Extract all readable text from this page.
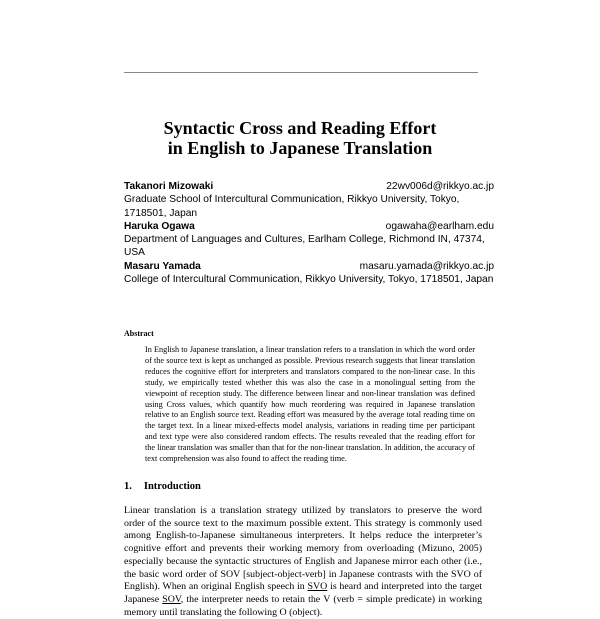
Syntactic Cross and Reading Effort
in English to Japanese Translation
Takanori Mizowaki	22wv006d@rikkyo.ac.jp
Graduate School of Intercultural Communication, Rikkyo University, Tokyo, 1718501, Japan
Haruka Ogawa	ogawaha@earlham.edu
Department of Languages and Cultures, Earlham College, Richmond IN, 47374, USA
Masaru Yamada	masaru.yamada@rikkyo.ac.jp
College of Intercultural Communication, Rikkyo University, Tokyo, 1718501, Japan
Abstract
In English to Japanese translation, a linear translation refers to a translation in which the word order of the source text is kept as unchanged as possible. Previous research suggests that linear translation reduces the cognitive effort for interpreters and translators compared to the non-linear case. In this study, we empirically tested whether this was also the case in a monolingual setting from the viewpoint of reception study. The difference between linear and non-linear translation was defined using Cross values, which quantify how much reordering was required in Japanese translation relative to an English source text. Reading effort was measured by the average total reading time on the target text. In a linear mixed-effects model analysis, variations in reading time per participant and text type were also considered random effects. The results revealed that the reading effort for the linear translation was smaller than that for the non-linear translation. In addition, the accuracy of text comprehension was also found to affect the reading time.
1. Introduction
Linear translation is a translation strategy utilized by translators to preserve the word order of the source text to the maximum possible extent. This strategy is commonly used among English-to-Japanese simultaneous interpreters. It helps reduce the interpreter’s cognitive effort and prevents their working memory from overloading (Mizuno, 2005) especially because the syntactic structures of English and Japanese mirror each other (i.e., the basic word order of SOV [subject-object-verb] in Japanese contrasts with the SVO of English). When an original English speech in SVO is heard and interpreted into the target Japanese SOV, the interpreter needs to retain the V (verb = simple predicate) in working memory until translating the following O (object).
